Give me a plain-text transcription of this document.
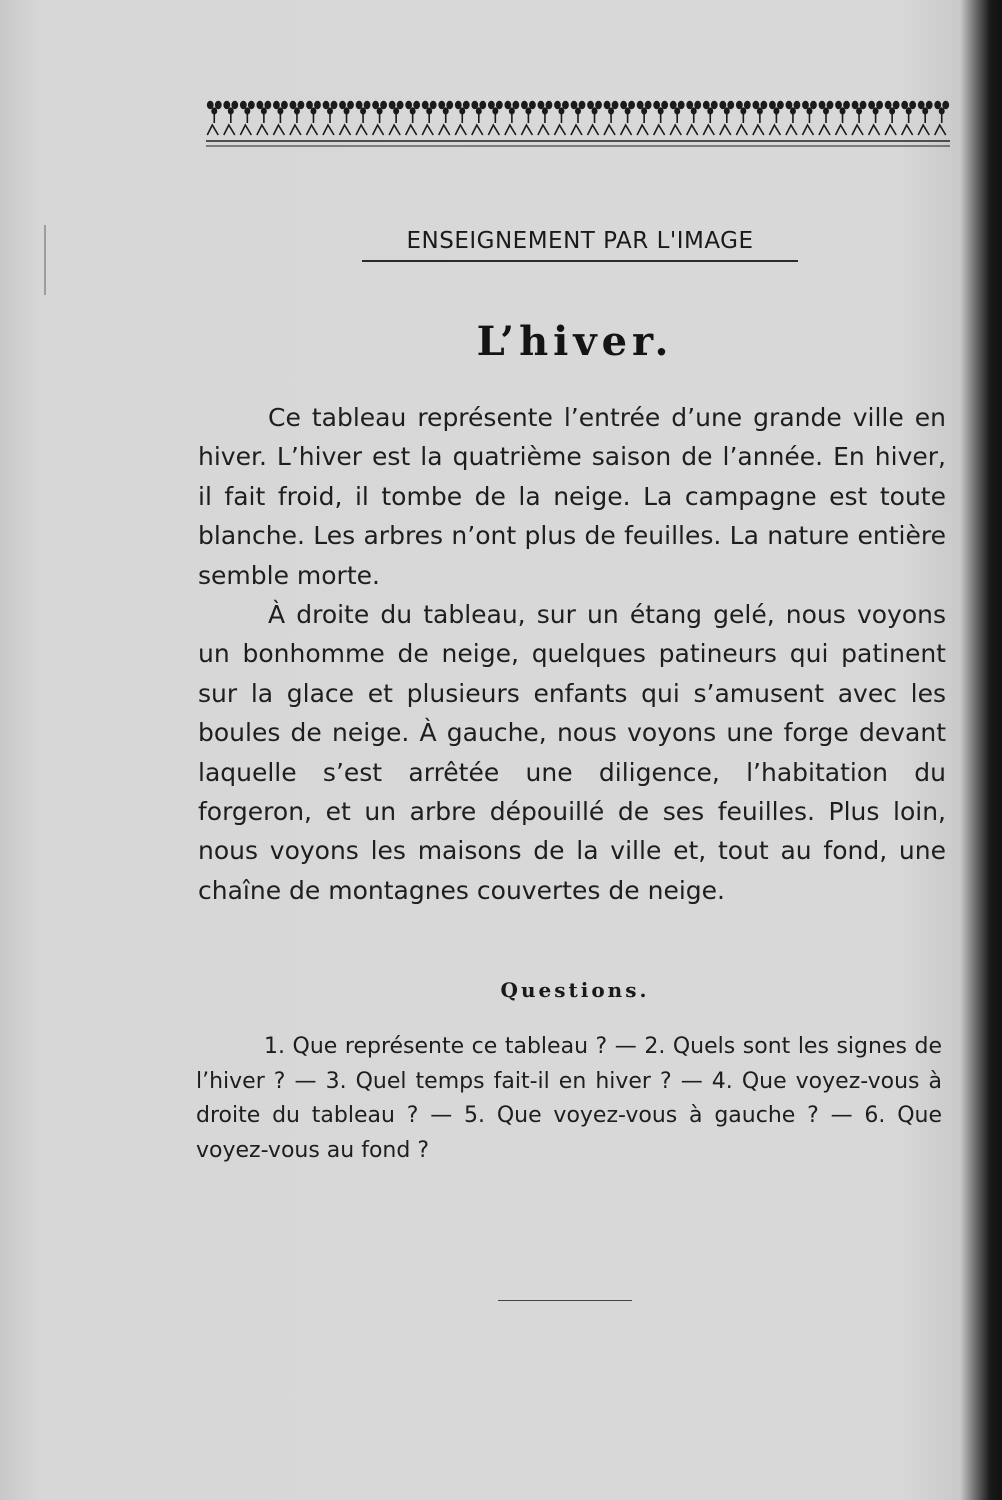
ENSEIGNEMENT PAR L'IMAGE
L’hiver.

Ce tableau représente l’entrée d’une grande ville en hiver. L’hiver est la quatrième saison de l’année. En hiver, il fait froid, il tombe de la neige. La campagne est toute blanche. Les arbres n’ont plus de feuilles. La nature entière semble morte.

À droite du tableau, sur un étang gelé, nous voyons un bonhomme de neige, quelques patineurs qui patinent sur la glace et plusieurs enfants qui s’amusent avec les boules de neige. À gauche, nous voyons une forge devant laquelle s’est arrêtée une diligence, l’habitation du forgeron, et un arbre dépouillé de ses feuilles. Plus loin, nous voyons les maisons de la ville et, tout au fond, une chaîne de montagnes couvertes de neige.

Questions.

1. Que représente ce tableau ? — 2. Quels sont les signes de l’hiver ? — 3. Quel temps fait-il en hiver ? — 4. Que voyez-vous à droite du tableau ? — 5. Que voyez-vous à gauche ? — 6. Que voyez-vous au fond ?
